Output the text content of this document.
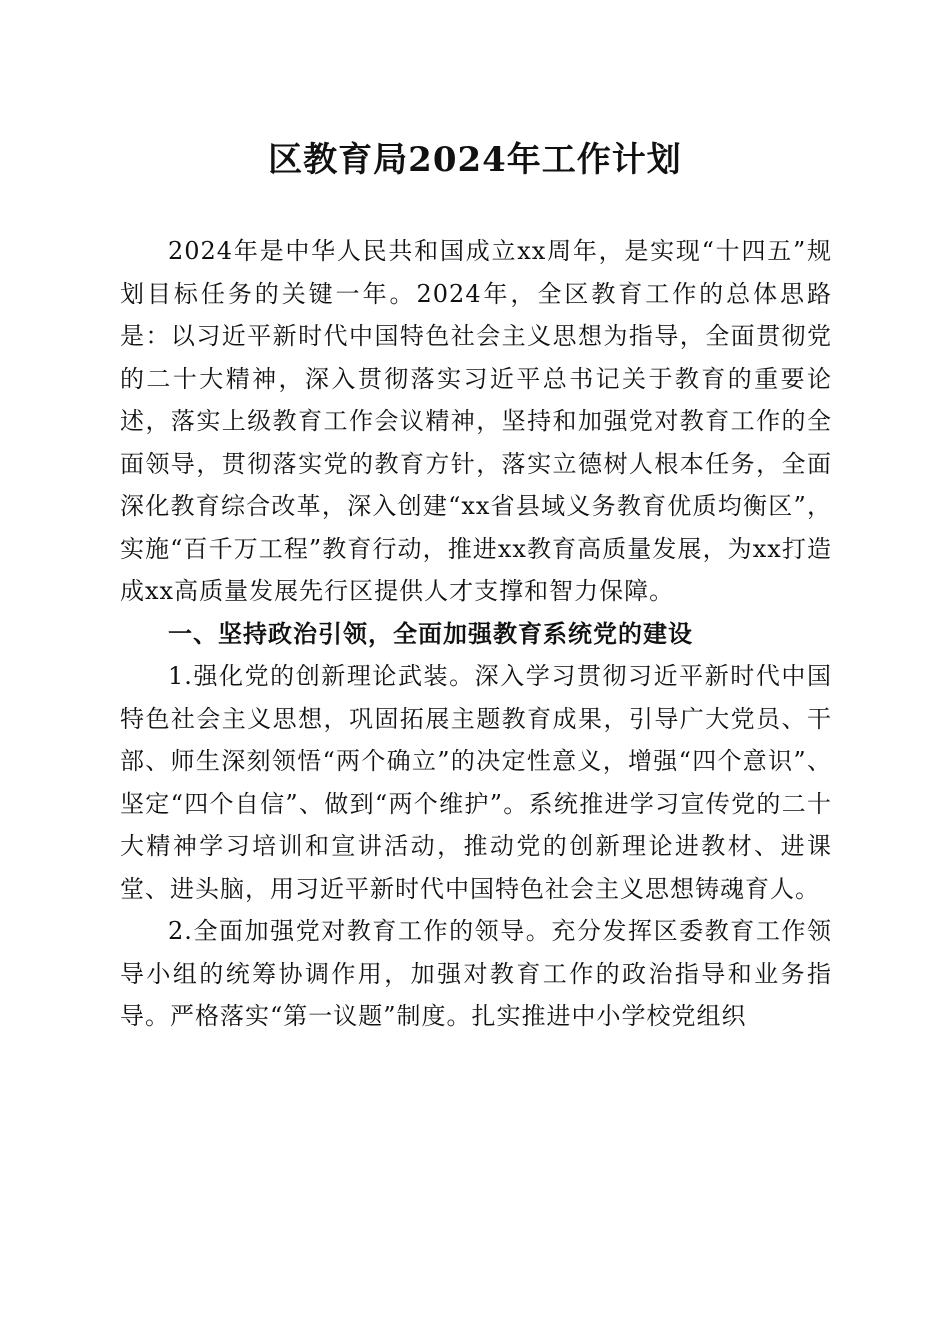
区教育局2024年工作计划

2024年是中华人民共和国成立xx周年，是实现“十四五”规划目标任务的关键一年。2024年，全区教育工作的总体思路是：以习近平新时代中国特色社会主义思想为指导，全面贯彻党的二十大精神，深入贯彻落实习近平总书记关于教育的重要论述，落实上级教育工作会议精神，坚持和加强党对教育工作的全面领导，贯彻落实党的教育方针，落实立德树人根本任务，全面深化教育综合改革，深入创建“xx省县域义务教育优质均衡区”，实施“百千万工程”教育行动，推进xx教育高质量发展，为xx打造成xx高质量发展先行区提供人才支撑和智力保障。

一、坚持政治引领，全面加强教育系统党的建设

1.强化党的创新理论武装。深入学习贯彻习近平新时代中国特色社会主义思想，巩固拓展主题教育成果，引导广大党员、干部、师生深刻领悟“两个确立”的决定性意义，增强“四个意识”、坚定“四个自信”、做到“两个维护”。系统推进学习宣传党的二十大精神学习培训和宣讲活动，推动党的创新理论进教材、进课堂、进头脑，用习近平新时代中国特色社会主义思想铸魂育人。

2.全面加强党对教育工作的领导。充分发挥区委教育工作领导小组的统筹协调作用，加强对教育工作的政治指导和业务指导。严格落实“第一议题”制度。扎实推进中小学校党组织
